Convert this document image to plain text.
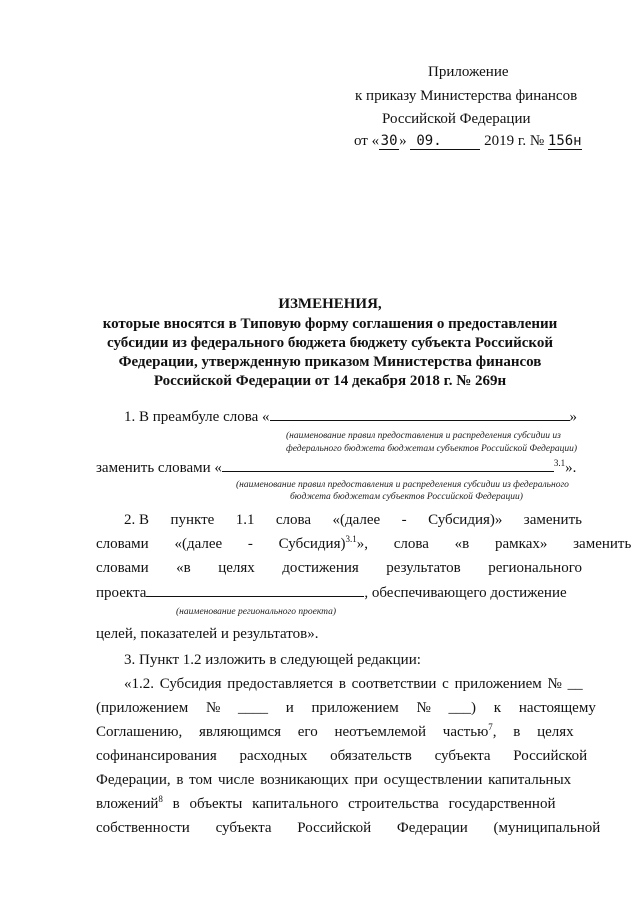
Приложение
к приказу Министерства финансов
Российской Федерации
от « 30 » 09.	2019 г. № 156н
ИЗМЕНЕНИЯ,
которые вносятся в Типовую форму соглашения о предоставлении
субсидии из федерального бюджета бюджету субъекта Российской
Федерации, утвержденную приказом Министерства финансов
Российской Федерации от 14 декабря 2018 г. № 269н
1. В преамбуле слова «	»
(наименование правил предоставления и распределения субсидии из
федерального бюджета бюджетам субъектов Российской Федерации)
заменить словами «	$^{3.1}$».
(наименование правил предоставления и распределения субсидии из федерального
бюджета бюджетам субъектов Российской Федерации)
2. В пункте 1.1 слова «(далее - Субсидия)» заменить
словами «(далее - Субсидия)$^{3.1}$», слова «в рамках» заменить
словами «в целях достижения результатов регионального
проекта	, обеспечивающего достижение
(наименование регионального проекта)
целей, показателей и результатов».
3. Пункт 1.2 изложить в следующей редакции:
«1.2. Субсидия предоставляется в соответствии с приложением № __
(приложением № ____ и приложением № ___) к настоящему
Соглашению, являющимся его неотъемлемой частью$^7$, в целях
софинансирования расходных обязательств субъекта Российской
Федерации, в том числе возникающих при осуществлении капитальных
вложений$^8$ в объекты капитального строительства государственной
собственности субъекта Российской Федерации (муниципальной
